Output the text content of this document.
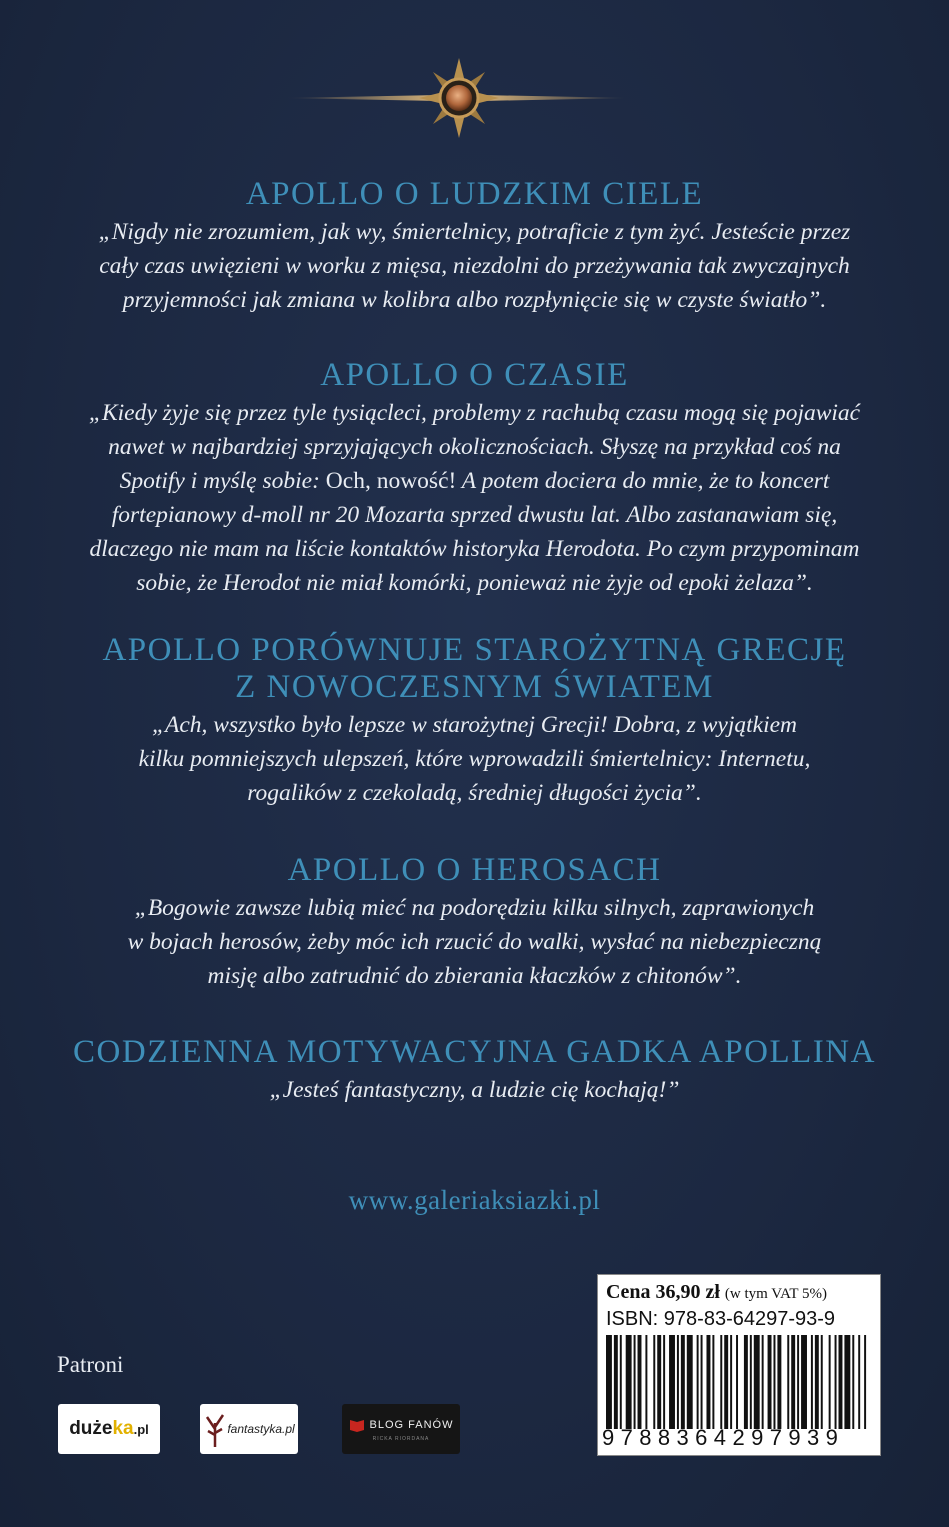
APOLLO O LUDZKIM CIELE
„Nigdy nie zrozumiem, jak wy, śmiertelnicy, potraficie z tym żyć. Jesteście przez
cały czas uwięzieni w worku z mięsa, niezdolni do przeżywania tak zwyczajnych
przyjemności jak zmiana w kolibra albo rozpłynięcie się w czyste światło”.
APOLLO O CZASIE
„Kiedy żyje się przez tyle tysiącleci, problemy z rachubą czasu mogą się pojawiać
nawet w najbardziej sprzyjających okolicznościach. Słyszę na przykład coś na
Spotify i myślę sobie: Och, nowość! A potem dociera do mnie, że to koncert
fortepianowy d-moll nr 20 Mozarta sprzed dwustu lat. Albo zastanawiam się,
dlaczego nie mam na liście kontaktów historyka Herodota. Po czym przypominam
sobie, że Herodot nie miał komórki, ponieważ nie żyje od epoki żelaza”.
APOLLO PORÓWNUJE STAROŻYTNĄ GRECJĘ
Z NOWOCZESNYM ŚWIATEM
„Ach, wszystko było lepsze w starożytnej Grecji! Dobra, z wyjątkiem
kilku pomniejszych ulepszeń, które wprowadzili śmiertelnicy: Internetu,
rogalików z czekoladą, średniej długości życia”.
APOLLO O HEROSACH
„Bogowie zawsze lubią mieć na podorędziu kilku silnych, zaprawionych
w bojach herosów, żeby móc ich rzucić do walki, wysłać na niebezpieczną
misję albo zatrudnić do zbierania kłaczków z chitonów”.
CODZIENNA MOTYWACYJNA GADKA APOLLINA
„Jesteś fantastyczny, a ludzie cię kochają!”
www.galeriaksiazki.pl
Patroni
dużeka.pl	fantastyka.pl	BLOG FANÓW
RICKA RIORDANA
Cena 36,90 zł (w tym VAT 5%)
ISBN: 978-83-64297-93-9
9788364297939
